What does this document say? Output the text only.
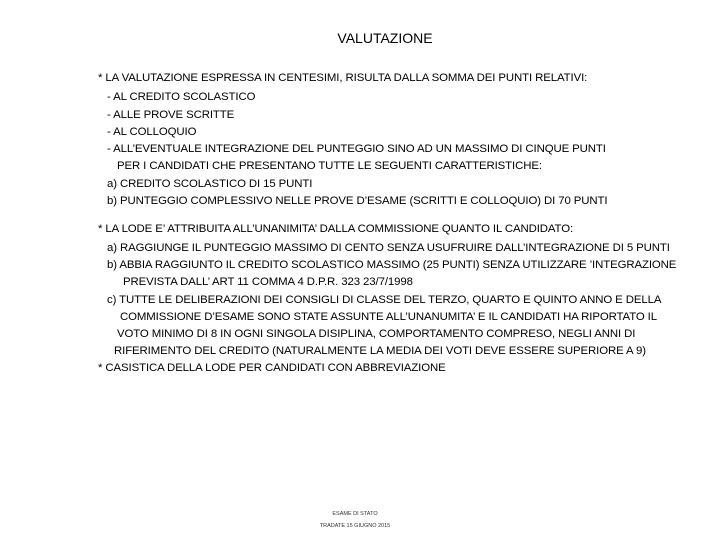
VALUTAZIONE
* LA VALUTAZIONE ESPRESSA IN CENTESIMI, RISULTA DALLA SOMMA DEI PUNTI RELATIVI:
- AL CREDITO SCOLASTICO
- ALLE PROVE SCRITTE
- AL COLLOQUIO
- ALL’EVENTUALE INTEGRAZIONE DEL PUNTEGGIO SINO AD UN MASSIMO DI CINQUE PUNTI
PER I CANDIDATI CHE PRESENTANO TUTTE LE SEGUENTI CARATTERISTICHE:
a) CREDITO SCOLASTICO DI 15 PUNTI
b) PUNTEGGIO COMPLESSIVO NELLE PROVE D’ESAME (SCRITTI E COLLOQUIO) DI 70 PUNTI
* LA LODE E’ ATTRIBUITA ALL’UNANIMITA’ DALLA COMMISSIONE QUANTO IL CANDIDATO:
a) RAGGIUNGE IL PUNTEGGIO MASSIMO DI CENTO SENZA USUFRUIRE DALL’INTEGRAZIONE DI 5 PUNTI
b) ABBIA RAGGIUNTO IL CREDITO SCOLASTICO MASSIMO (25 PUNTI) SENZA UTILIZZARE ’INTEGRAZIONE
PREVISTA DALL’ ART 11 COMMA 4 D.P.R. 323 23/7/1998
c) TUTTE LE DELIBERAZIONI DEI CONSIGLI DI CLASSE DEL TERZO, QUARTO E QUINTO ANNO E DELLA
COMMISSIONE D’ESAME SONO STATE ASSUNTE ALL’UNANUMITA’ E IL CANDIDATI HA RIPORTATO IL
VOTO MINIMO DI 8 IN OGNI SINGOLA DISIPLINA, COMPORTAMENTO COMPRESO, NEGLI ANNI DI
RIFERIMENTO DEL CREDITO (NATURALMENTE LA MEDIA DEI VOTI DEVE ESSERE SUPERIORE A 9)
* CASISTICA DELLA LODE PER CANDIDATI CON ABBREVIAZIONE
ESAME DI STATO
TRADATE 15 GIUGNO 2015
